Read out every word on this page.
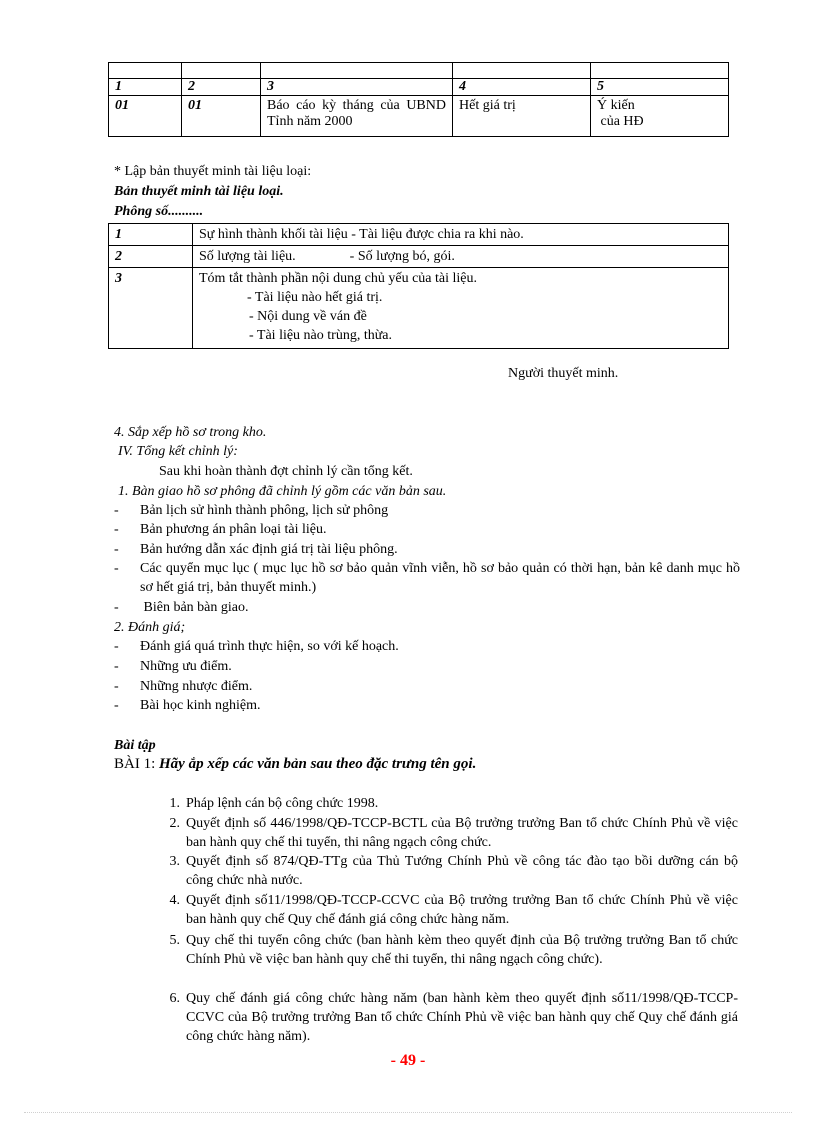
1	2	3	4	5
01	01	Báo cáo kỳ tháng của UBND Tỉnh năm 2000	Hết giá trị	Ý kiến
của HĐ
* Lập bản thuyết minh tài liệu loại:
Bản thuyết minh tài liệu loại.
Phông số..........
1	Sự hình thành khối tài liệu - Tài liệu được chia ra khi nào.
2	Số lượng tài liệu. - Số lượng bó, gói.
3	Tóm tắt thành phần nội dung chủ yếu của tài liệu.
- Tài liệu nào hết giá trị.
- Nội dung về ván đề
- Tài liệu nào trùng, thừa.
Người thuyết minh.
4. Sắp xếp hồ sơ trong kho.
IV. Tổng kết chỉnh lý:
Sau khi hoàn thành đợt chỉnh lý cần tổng kết.
1. Bàn giao hồ sơ phông đã chỉnh lý gồm các văn bản sau.
- Bản lịch sử hình thành phông, lịch sử phông
- Bản phương án phân loại tài liệu.
- Bản hướng dẫn xác định giá trị tài liệu phông.
- Các quyển mục lục ( mục lục hồ sơ bảo quản vĩnh viễn, hồ sơ bảo quản có thời hạn, bản kê danh mục hồ sơ hết giá trị, bản thuyết minh.)
- Biên bản bàn giao.
2. Đánh giá;
- Đánh giá quá trình thực hiện, so với kế hoạch.
- Những ưu điểm.
- Những nhược điểm.
- Bài học kinh nghiệm.
Bài tập
BÀI 1: Hãy ắp xếp các văn bản sau theo đặc trưng tên gọi.
1. Pháp lệnh cán bộ công chức 1998.
2. Quyết định số 446/1998/QĐ-TCCP-BCTL của Bộ trưởng trưởng Ban tổ chức Chính Phủ về việc ban hành quy chế thi tuyển, thi nâng ngạch công chức.
3. Quyết định số 874/QĐ-TTg của Thủ Tướng Chính Phủ về công tác đào tạo bồi dưỡng cán bộ công chức nhà nước.
4. Quyết định số11/1998/QĐ-TCCP-CCVC của Bộ trưởng trưởng Ban tổ chức Chính Phủ về việc ban hành quy chế Quy chế đánh giá công chức hàng năm.
5. Quy chế thi tuyển công chức (ban hành kèm theo quyết định của Bộ trưởng trưởng Ban tổ chức Chính Phủ về việc ban hành quy chế thi tuyển, thi nâng ngạch công chức).
6. Quy chế đánh giá công chức hàng năm (ban hành kèm theo quyết định số11/1998/QĐ-TCCP-CCVC của Bộ trưởng trưởng Ban tổ chức Chính Phủ về việc ban hành quy chế Quy chế đánh giá công chức hàng năm).
- 49 -
